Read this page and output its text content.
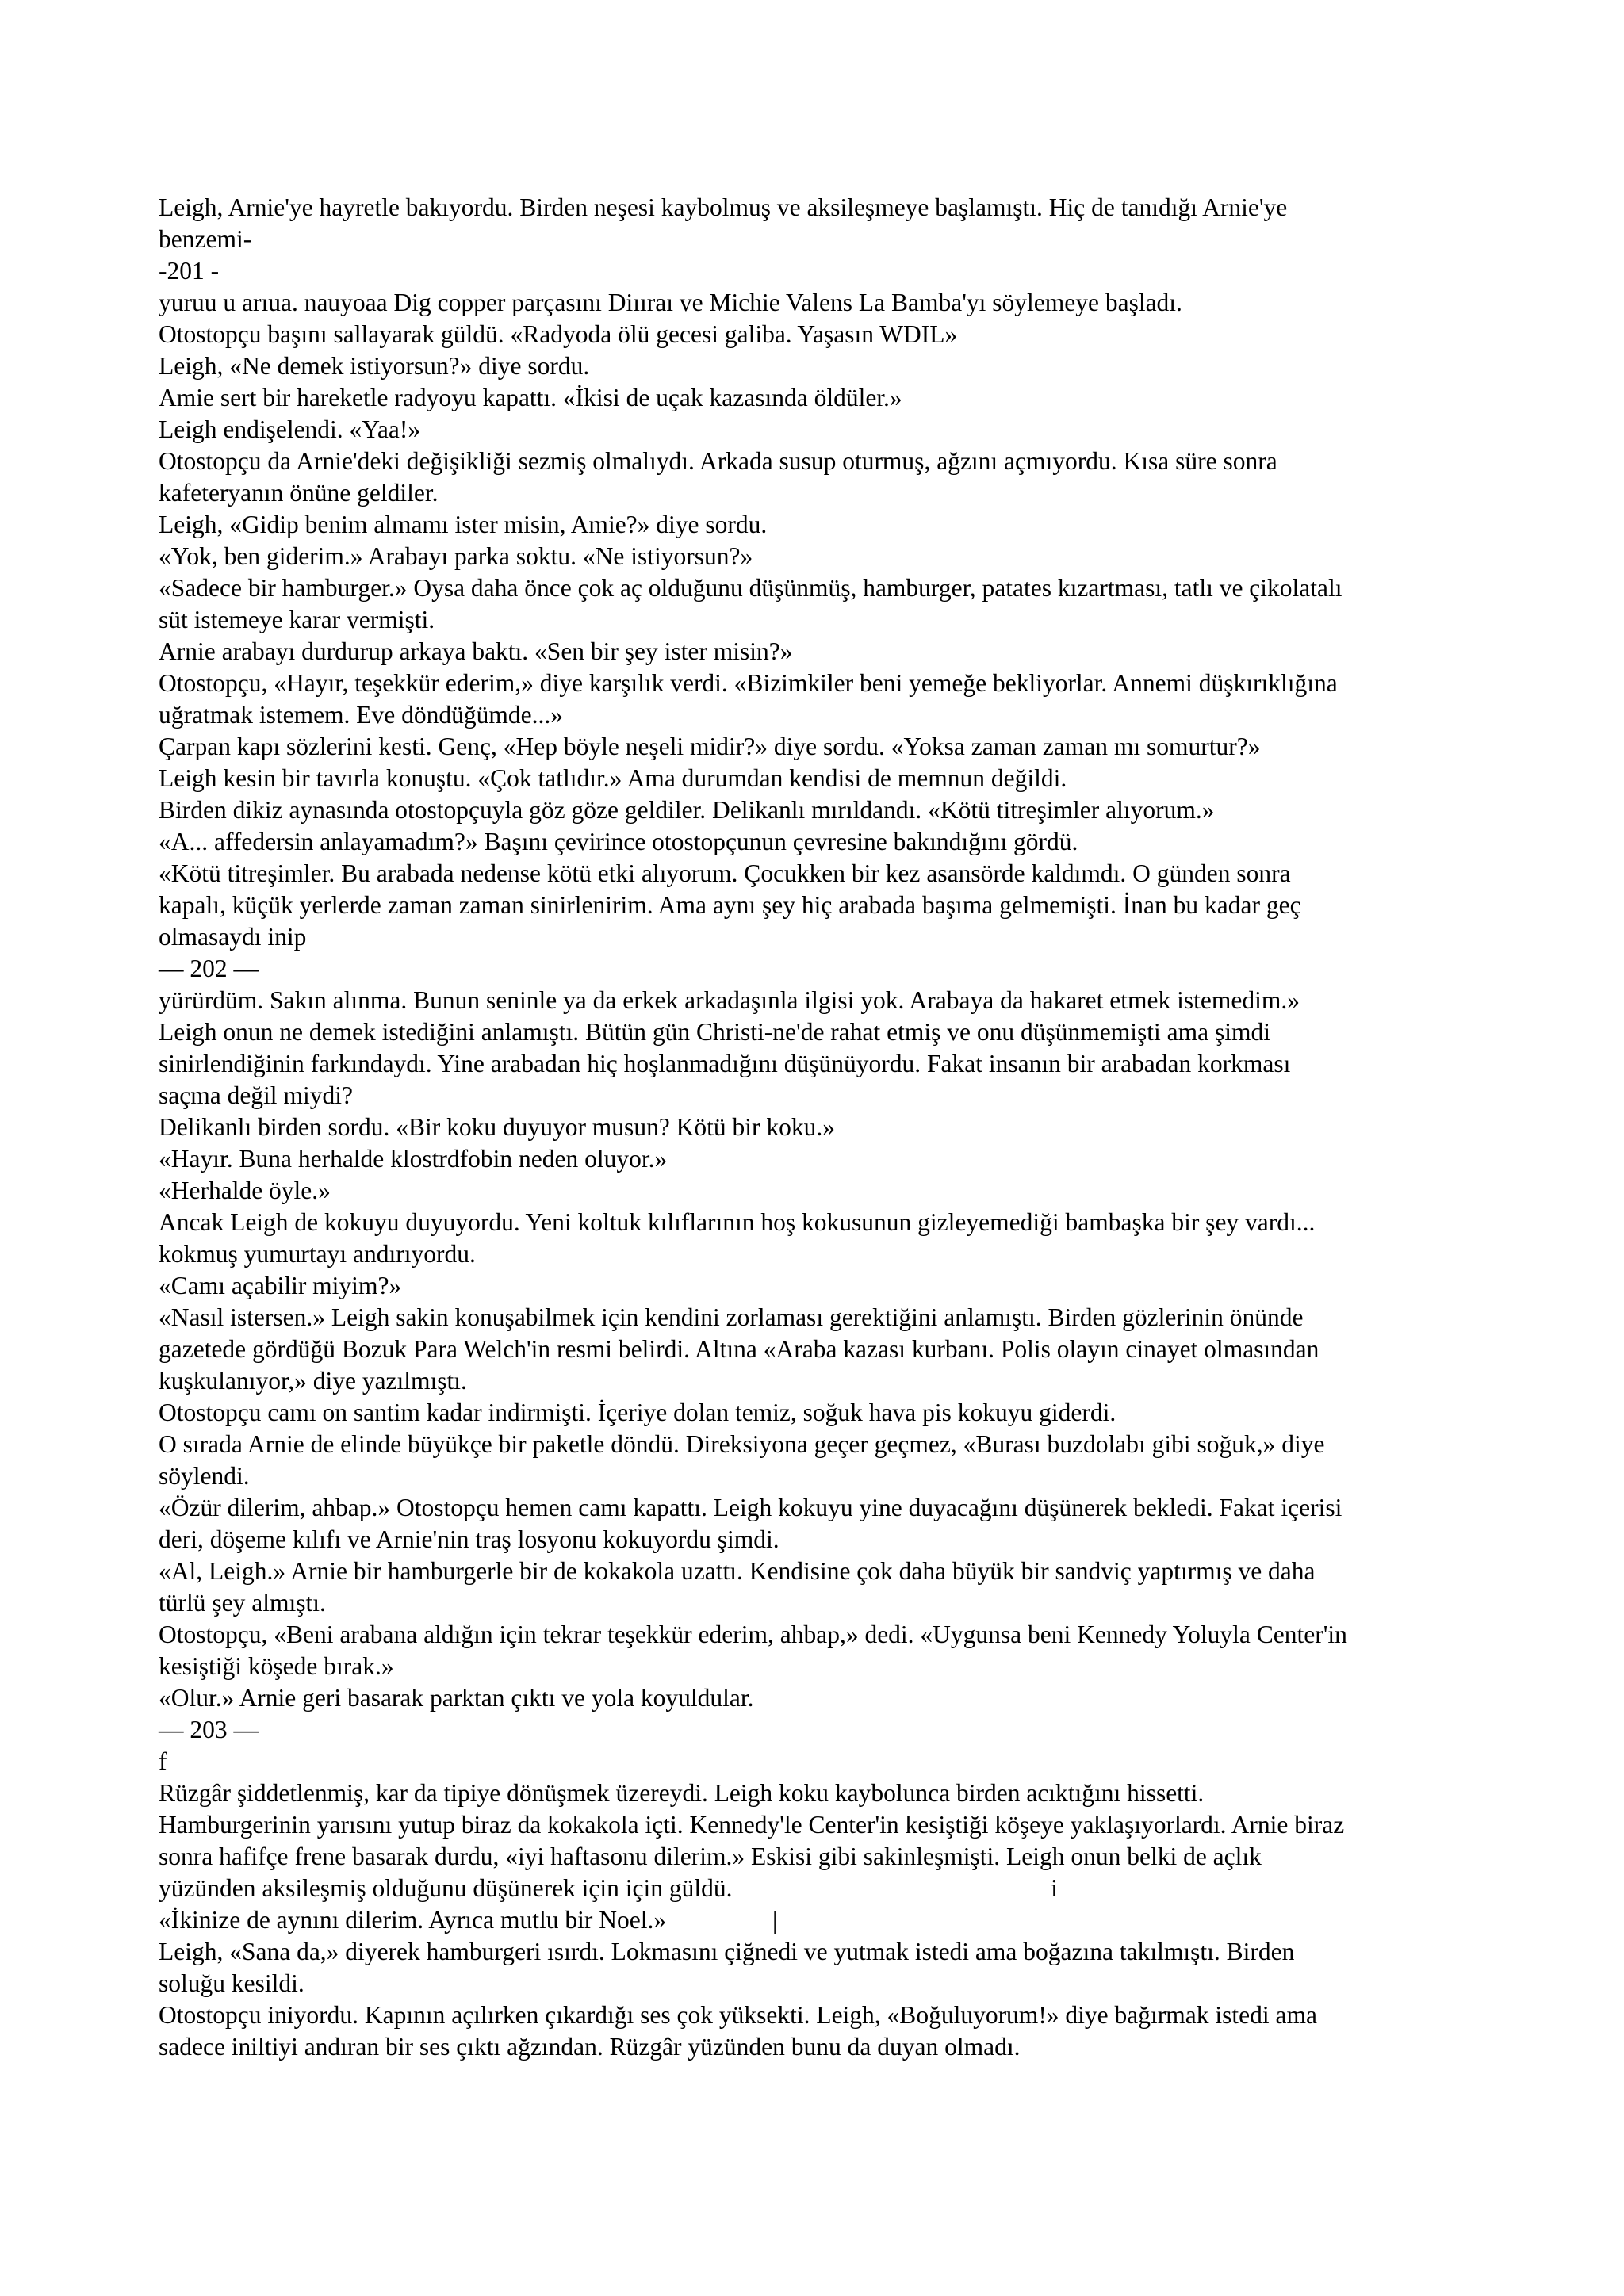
Leigh, Arnie'ye hayretle bakıyordu. Birden neşesi kaybolmuş ve aksileşmeye başlamıştı. Hiç de tanıdığı Arnie'ye
benzemi-
-201 -
yuruu u arıua. nauyoaa Dig copper parçasını Diııraı ve Michie Valens La Bamba'yı söylemeye başladı.
Otostopçu başını sallayarak güldü. «Radyoda ölü gecesi galiba. Yaşasın WDIL»
Leigh, «Ne demek istiyorsun?» diye sordu.
Amie sert bir hareketle radyoyu kapattı. «İkisi de uçak kazasında öldüler.»
Leigh endişelendi. «Yaa!»
Otostopçu da Arnie'deki değişikliği sezmiş olmalıydı. Arkada susup oturmuş, ağzını açmıyordu. Kısa süre sonra
kafeteryanın önüne geldiler.
Leigh, «Gidip benim almamı ister misin, Amie?» diye sordu.
«Yok, ben giderim.» Arabayı parka soktu. «Ne istiyorsun?»
«Sadece bir hamburger.» Oysa daha önce çok aç olduğunu düşünmüş, hamburger, patates kızartması, tatlı ve çikolatalı
süt istemeye karar vermişti.
Arnie arabayı durdurup arkaya baktı. «Sen bir şey ister misin?»
Otostopçu, «Hayır, teşekkür ederim,» diye karşılık verdi. «Bizimkiler beni yemeğe bekliyorlar. Annemi düşkırıklığına
uğratmak istemem. Eve döndüğümde...»
Çarpan kapı sözlerini kesti. Genç, «Hep böyle neşeli midir?» diye sordu. «Yoksa zaman zaman mı somurtur?»
Leigh kesin bir tavırla konuştu. «Çok tatlıdır.» Ama durumdan kendisi de memnun değildi.
Birden dikiz aynasında otostopçuyla göz göze geldiler. Delikanlı mırıldandı. «Kötü titreşimler alıyorum.»
«A... affedersin anlayamadım?» Başını çevirince otostopçunun çevresine bakındığını gördü.
«Kötü titreşimler. Bu arabada nedense kötü etki alıyorum. Çocukken bir kez asansörde kaldımdı. O günden sonra
kapalı, küçük yerlerde zaman zaman sinirlenirim. Ama aynı şey hiç arabada başıma gelmemişti. İnan bu kadar geç
olmasaydı inip
— 202 —
yürürdüm. Sakın alınma. Bunun seninle ya da erkek arkadaşınla ilgisi yok. Arabaya da hakaret etmek istemedim.»
Leigh onun ne demek istediğini anlamıştı. Bütün gün Christi-ne'de rahat etmiş ve onu düşünmemişti ama şimdi
sinirlendiğinin farkındaydı. Yine arabadan hiç hoşlanmadığını düşünüyordu. Fakat insanın bir arabadan korkması
saçma değil miydi?
Delikanlı birden sordu. «Bir koku duyuyor musun? Kötü bir koku.»
«Hayır. Buna herhalde klostrdfobin neden oluyor.»
«Herhalde öyle.»
Ancak Leigh de kokuyu duyuyordu. Yeni koltuk kılıflarının hoş kokusunun gizleyemediği bambaşka bir şey vardı...
kokmuş yumurtayı andırıyordu.
«Camı açabilir miyim?»
«Nasıl istersen.» Leigh sakin konuşabilmek için kendini zorlaması gerektiğini anlamıştı. Birden gözlerinin önünde
gazetede gördüğü Bozuk Para Welch'in resmi belirdi. Altına «Araba kazası kurbanı. Polis olayın cinayet olmasından
kuşkulanıyor,» diye yazılmıştı.
Otostopçu camı on santim kadar indirmişti. İçeriye dolan temiz, soğuk hava pis kokuyu giderdi.
O sırada Arnie de elinde büyükçe bir paketle döndü. Direksiyona geçer geçmez, «Burası buzdolabı gibi soğuk,» diye
söylendi.
«Özür dilerim, ahbap.» Otostopçu hemen camı kapattı. Leigh kokuyu yine duyacağını düşünerek bekledi. Fakat içerisi
deri, döşeme kılıfı ve Arnie'nin traş losyonu kokuyordu şimdi.
«Al, Leigh.» Arnie bir hamburgerle bir de kokakola uzattı. Kendisine çok daha büyük bir sandviç yaptırmış ve daha
türlü şey almıştı.
Otostopçu, «Beni arabana aldığın için tekrar teşekkür ederim, ahbap,» dedi. «Uygunsa beni Kennedy Yoluyla Center'in
kesiştiği köşede bırak.»
«Olur.» Arnie geri basarak parktan çıktı ve yola koyuldular.
— 203 —
f
Rüzgâr şiddetlenmiş, kar da tipiye dönüşmek üzereydi. Leigh koku kaybolunca birden acıktığını hissetti.
Hamburgerinin yarısını yutup biraz da kokakola içti. Kennedy'le Center'in kesiştiği köşeye yaklaşıyorlardı. Arnie biraz
sonra hafifçe frene basarak durdu, «iyi haftasonu dilerim.» Eskisi gibi sakinleşmişti. Leigh onun belki de açlık
yüzünden aksileşmiş olduğunu düşünerek için için güldü.                                                   i
«İkinize de aynını dilerim. Ayrıca mutlu bir Noel.»                 |
Leigh, «Sana da,» diyerek hamburgeri ısırdı. Lokmasını çiğnedi ve yutmak istedi ama boğazına takılmıştı. Birden
soluğu kesildi.
Otostopçu iniyordu. Kapının açılırken çıkardığı ses çok yüksekti. Leigh, «Boğuluyorum!» diye bağırmak istedi ama
sadece iniltiyi andıran bir ses çıktı ağzından. Rüzgâr yüzünden bunu da duyan olmadı.
